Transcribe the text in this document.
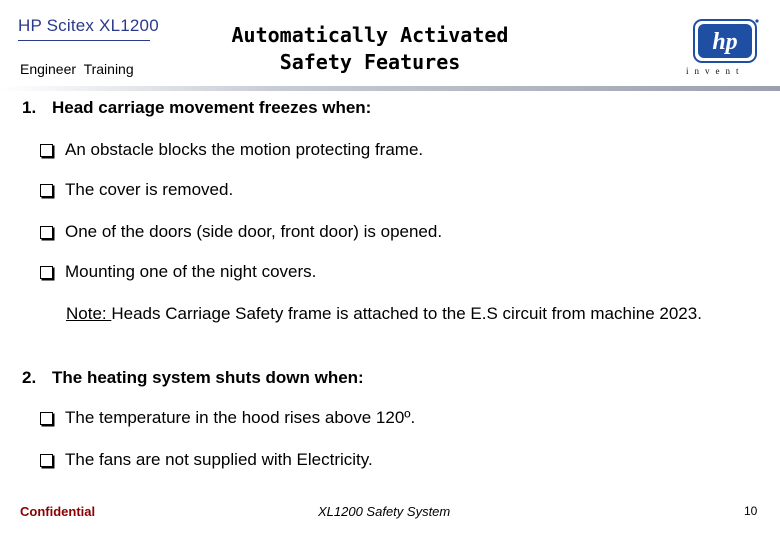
HP Scitex XL1200
Engineer  Training
Automatically Activated Safety Features
hp
invent
1. Head carriage movement freezes when:
An obstacle blocks the motion protecting frame.
The cover is removed.
One of the doors (side door, front door) is opened.
Mounting one of the night covers.
Note: Heads Carriage Safety frame is attached to the E.S circuit from machine 2023.
2. The heating system shuts down when:
The temperature in the hood rises above 120º.
The fans are not supplied with Electricity.
Confidential	XL1200 Safety System	10
